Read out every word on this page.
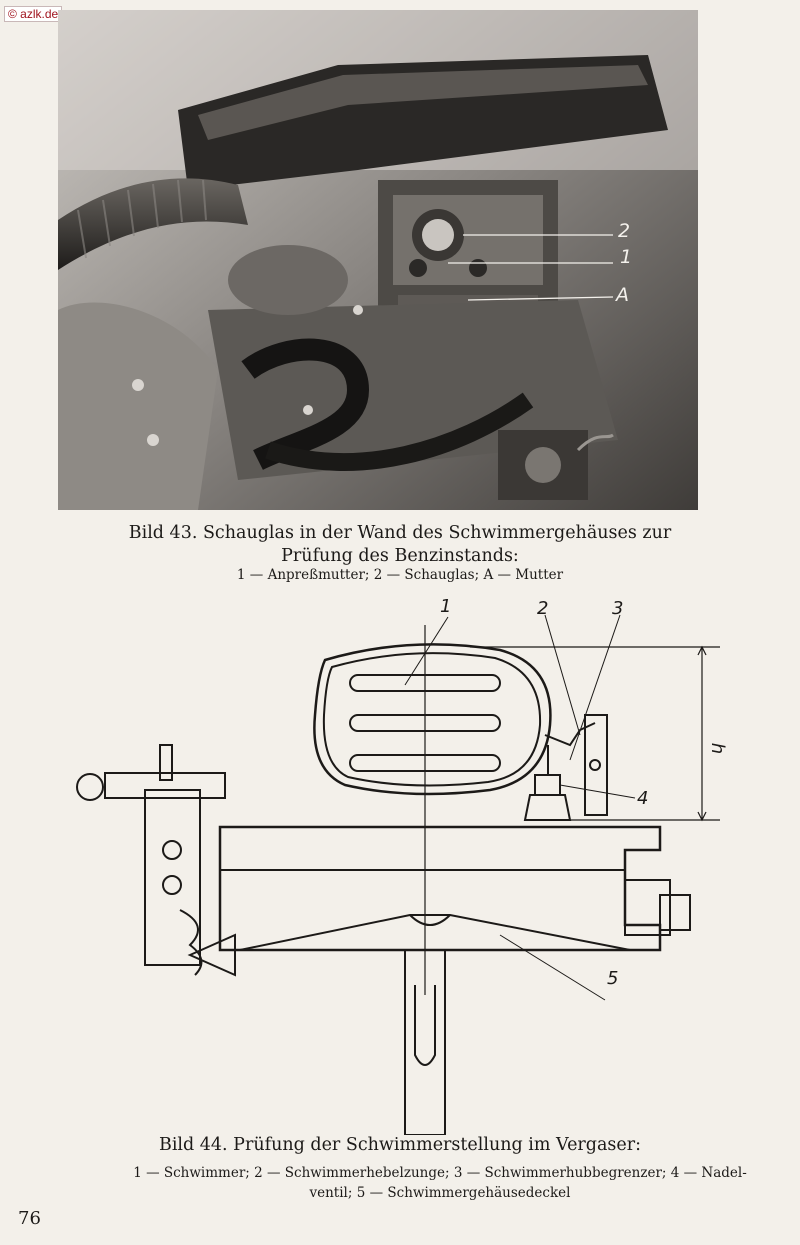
© azlk.de
2
1
A
Bild 43. Schauglas in der Wand des Schwimmergehäuses zur
Prüfung des Benzinstands:
1 — Anpreßmutter; 2 — Schauglas; A — Mutter
1	2	3
4
5
h
Bild 44. Prüfung der Schwimmerstellung im Vergaser:
1 — Schwimmer; 2 — Schwimmerhebelzunge; 3 — Schwimmerhubbegrenzer; 4 — Nadel-
ventil; 5 — Schwimmergehäusedeckel
76
